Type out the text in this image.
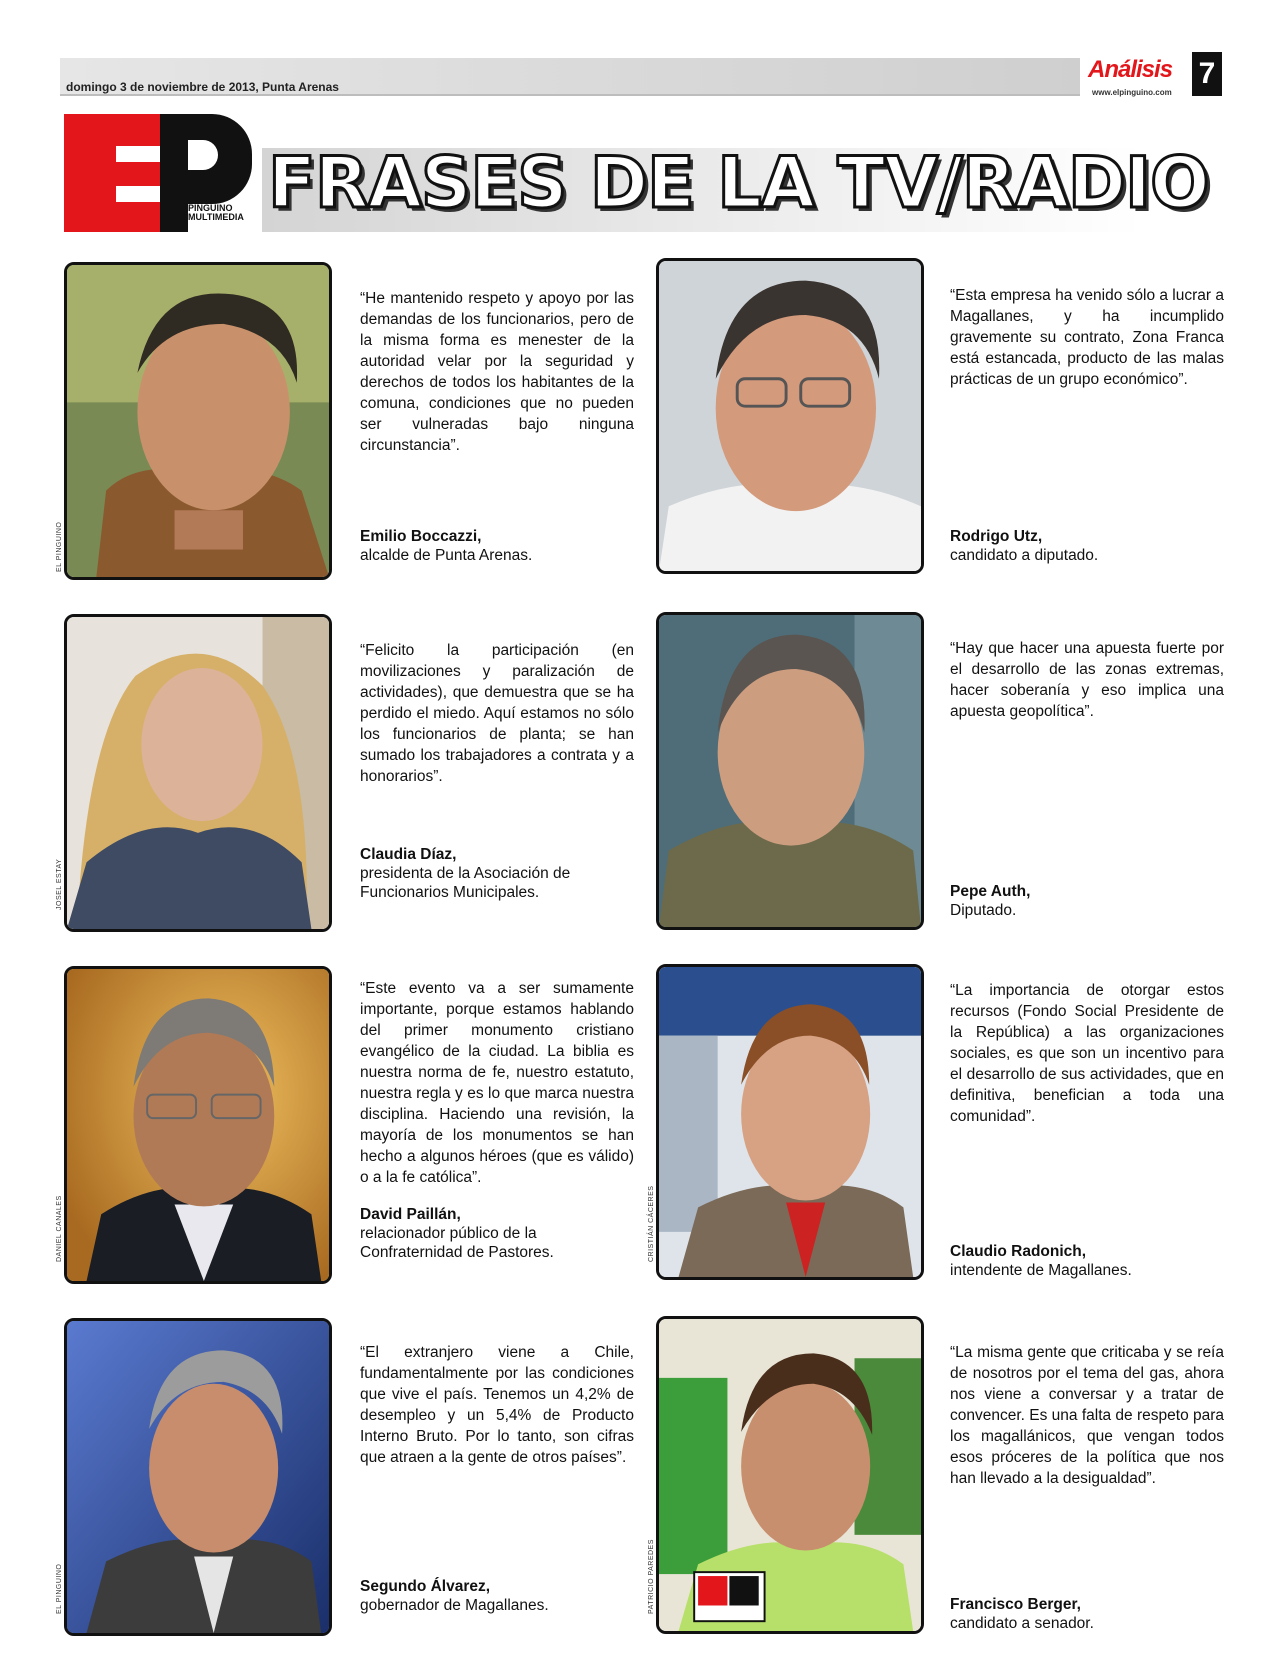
domingo 3 de noviembre de 2013, Punta Arenas
Análisis
www.elpinguino.com
7
PINGUINO MULTIMEDIA FRASES DE LA TV/RADIO
EL PINGUINO
“He mantenido respeto y apoyo por las demandas de los funcionarios, pero de la misma forma es menester de la autoridad velar por la seguridad y derechos de todos los habitantes de la comuna, condiciones que no pueden ser vulneradas bajo ninguna circunstancia”.
Emilio Boccazzi,
alcalde de Punta Arenas.
“Esta empresa ha venido sólo a lucrar a Magallanes, y ha incumplido gravemente su contrato, Zona Franca está estancada, producto de las malas prácticas de un grupo económico”.
Rodrigo Utz,
candidato a diputado.
JOSEL ESTAY
“Felicito la participación (en movilizaciones y paralización de actividades), que demuestra que se ha perdido el miedo. Aquí estamos no sólo los funcionarios de planta; se han sumado los trabajadores a contrata y a honorarios”.
Claudia Díaz,
presidenta de la Asociación de Funcionarios Municipales.
“Hay que hacer una apuesta fuerte por el desarrollo de las zonas extremas, hacer soberanía y eso implica una apuesta geopolítica”.
Pepe Auth,
Diputado.
DANIEL CANALES
“Este evento va a ser sumamente importante, porque estamos hablando del primer monumento cristiano evangélico de la ciudad. La biblia es nuestra norma de fe, nuestro estatuto, nuestra regla y es lo que marca nuestra disciplina. Haciendo una revisión, la mayoría de los monumentos se han hecho a algunos héroes (que es válido) o a la fe católica”.
David Paillán,
relacionador público de la Confraternidad de Pastores.	CRISTIÁN CÁCERES
“La importancia de otorgar estos recursos (Fondo Social Presidente de la República) a las organizaciones sociales, es que son un incentivo para el desarrollo de sus actividades, que en definitiva, benefician a toda una comunidad”.
Claudio Radonich,
intendente de Magallanes.
EL PINGUINO
“El extranjero viene a Chile, fundamentalmente por las condiciones que vive el país. Tenemos un 4,2% de desempleo y un 5,4% de Producto Interno Bruto. Por lo tanto, son cifras que atraen a la gente de otros países”.
Segundo Álvarez,
gobernador de Magallanes.	PATRICIO PAREDES
“La misma gente que criticaba y se reía de nosotros por el tema del gas, ahora nos viene a conversar y a tratar de convencer. Es una falta de respeto para los magallánicos, que vengan todos esos próceres de la política que nos han llevado a la desigualdad”.
Francisco Berger,
candidato a senador.
